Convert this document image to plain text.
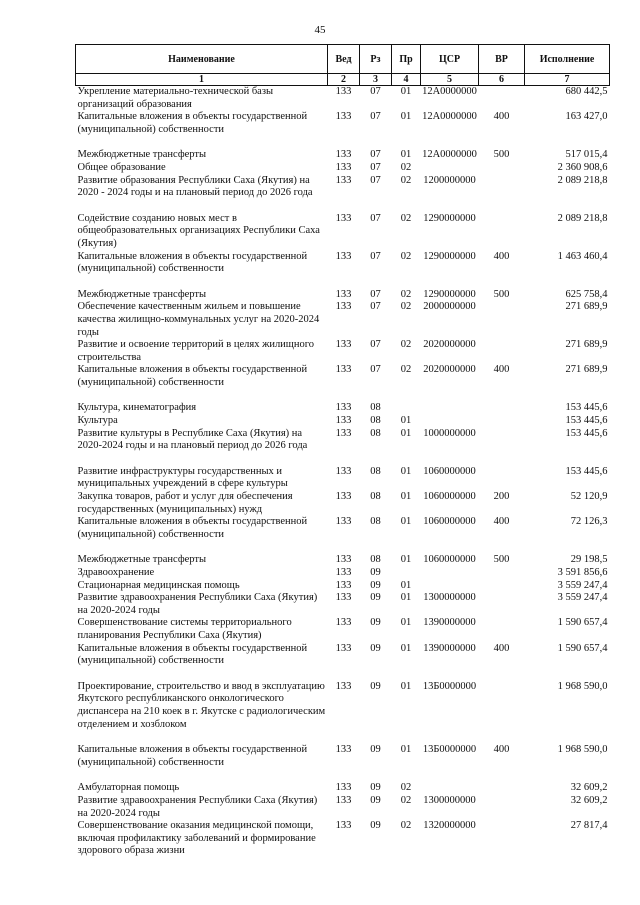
45
Наименование	Вед	Рз	Пр	ЦСР	ВР	Исполнение
1	2	3	4	5	6	7
Укрепление материально-технической базы организаций образования	133	07	01	12А0000000		680 442,5
Капитальные вложения в объекты государственной (муниципальной) собственности	133	07	01	12А0000000	400	163 427,0

Межбюджетные трансферты	133	07	01	12А0000000	500	517 015,4
Общее образование	133	07	02			2 360 908,6
Развитие образования Республики Саха (Якутия) на 2020 - 2024 годы и на плановый период до 2026 года	133	07	02	1200000000		2 089 218,8

Содействие созданию новых мест в общеобразовательных организациях Республики Саха (Якутия)	133	07	02	1290000000		2 089 218,8
Капитальные вложения в объекты государственной (муниципальной) собственности	133	07	02	1290000000	400	1 463 460,4

Межбюджетные трансферты	133	07	02	1290000000	500	625 758,4
Обеспечение качественным жильем и повышение качества жилищно-коммунальных услуг на 2020-2024 годы	133	07	02	2000000000		271 689,9
Развитие и освоение территорий в целях жилищного строительства	133	07	02	2020000000		271 689,9
Капитальные вложения в объекты государственной (муниципальной) собственности	133	07	02	2020000000	400	271 689,9

Культура, кинематография	133	08				153 445,6
Культура	133	08	01			153 445,6
Развитие культуры в Республике Саха (Якутия) на 2020-2024 годы и на плановый период до 2026 года	133	08	01	1000000000		153 445,6

Развитие инфраструктуры государственных и муниципальных учреждений в сфере культуры	133	08	01	1060000000		153 445,6
Закупка товаров, работ и услуг для обеспечения государственных (муниципальных) нужд	133	08	01	1060000000	200	52 120,9
Капитальные вложения в объекты государственной (муниципальной) собственности	133	08	01	1060000000	400	72 126,3

Межбюджетные трансферты	133	08	01	1060000000	500	29 198,5
Здравоохранение	133	09				3 591 856,6
Стационарная медицинская помощь	133	09	01			3 559 247,4
Развитие здравоохранения Республики Саха (Якутия) на 2020-2024 годы	133	09	01	1300000000		3 559 247,4
Совершенствование системы территориального планирования Республики Саха (Якутия)	133	09	01	1390000000		1 590 657,4
Капитальные вложения в объекты государственной (муниципальной) собственности	133	09	01	1390000000	400	1 590 657,4

Проектирование, строительство и ввод в эксплуатацию Якутского республиканского онкологического диспансера на 210 коек в г. Якутске с радиологическим отделением и хозблоком	133	09	01	13Б0000000		1 968 590,0

Капитальные вложения в объекты государственной (муниципальной) собственности	133	09	01	13Б0000000	400	1 968 590,0

Амбулаторная помощь	133	09	02			32 609,2
Развитие здравоохранения Республики Саха (Якутия) на 2020-2024 годы	133	09	02	1300000000		32 609,2
Совершенствование оказания медицинской помощи, включая профилактику заболеваний и формирование здорового образа жизни	133	09	02	1320000000		27 817,4
